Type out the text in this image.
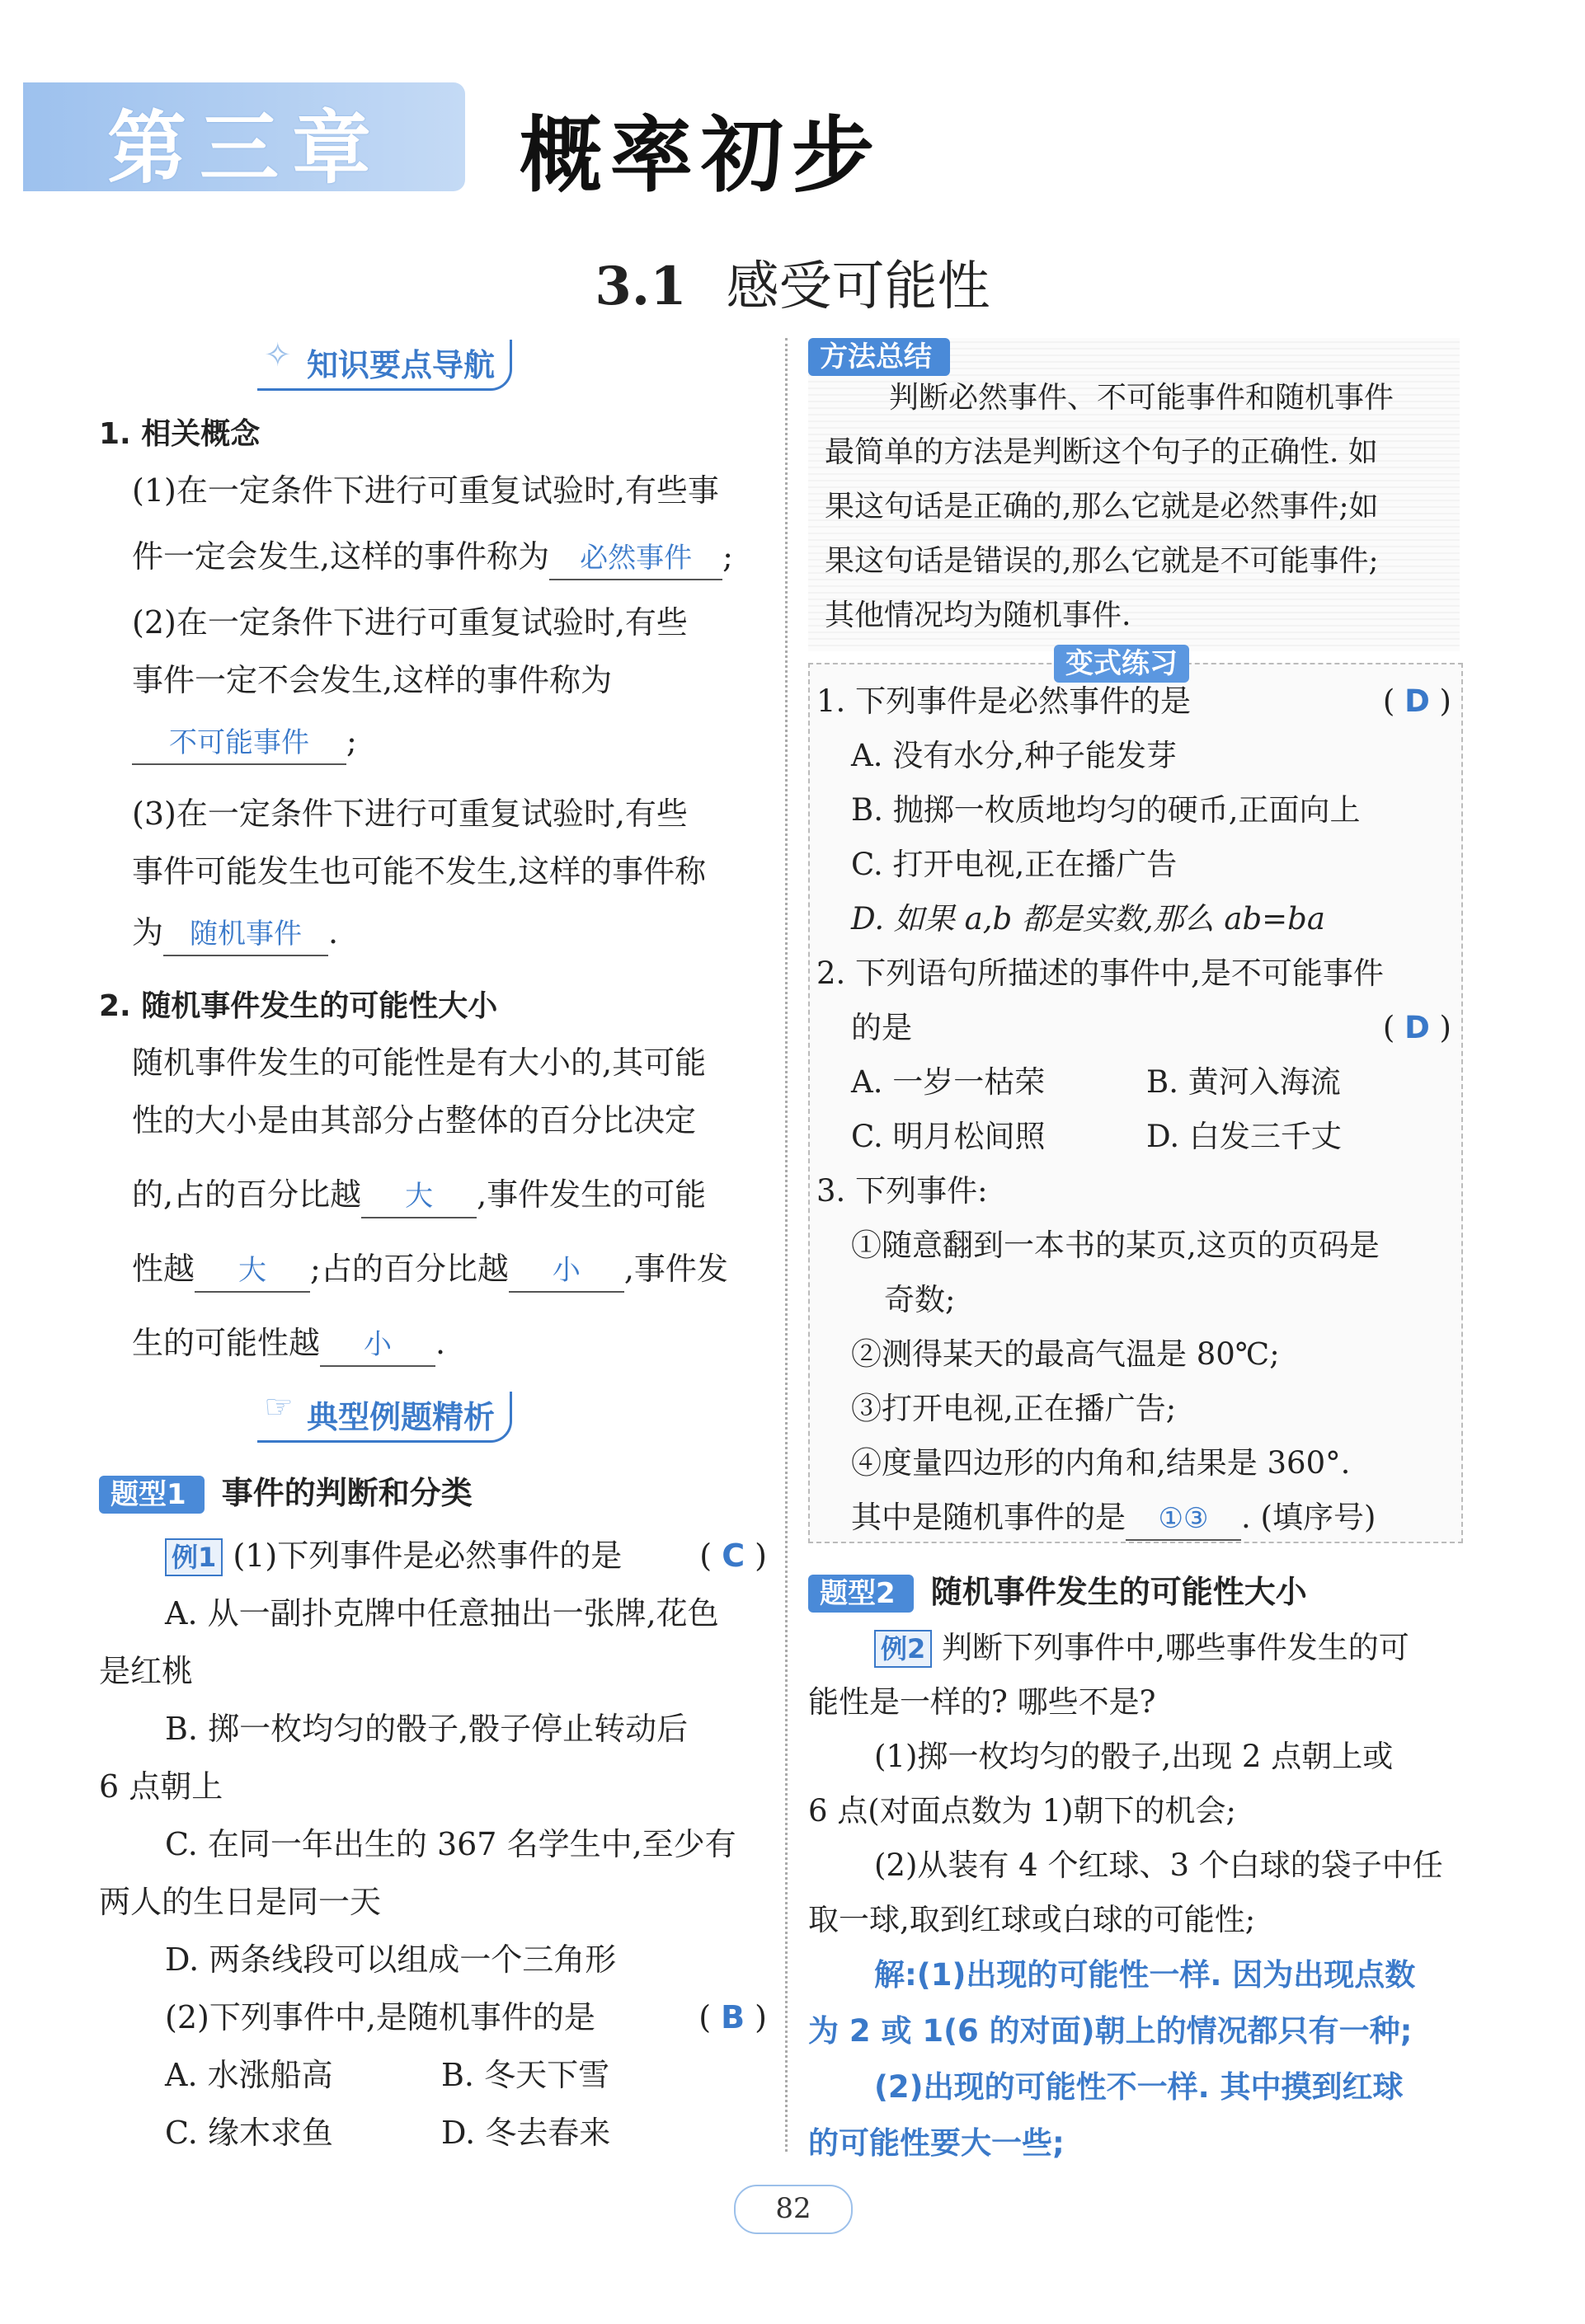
第三章 概率初步
3.1 感受可能性
✧ 知识要点导航
1. 相关概念
(1)在一定条件下进行可重复试验时,有些事
件一定会发生,这样的事件称为 必然事件 ;
(2)在一定条件下进行可重复试验时,有些
事件一定不会发生,这样的事件称为
不可能事件 ;
(3)在一定条件下进行可重复试验时,有些
事件可能发生也可能不发生,这样的事件称
为 随机事件 .
2. 随机事件发生的可能性大小
随机事件发生的可能性是有大小的,其可能
性的大小是由其部分占整体的百分比决定
的,占的百分比越 大 ,事件发生的可能
性越 大 ;占的百分比越 小 ,事件发
生的可能性越 小 .
☞ 典型例题精析
题型1 事件的判断和分类
例1 (1)下列事件是必然事件的是 ( C )
A. 从一副扑克牌中任意抽出一张牌,花色
是红桃
B. 掷一枚均匀的骰子,骰子停止转动后
6 点朝上
C. 在同一年出生的 367 名学生中,至少有
两人的生日是同一天
D. 两条线段可以组成一个三角形
(2)下列事件中,是随机事件的是	( B )
A. 水涨船高	B. 冬天下雪
C. 缘木求鱼	D. 冬去春来
方法总结
判断必然事件、不可能事件和随机事件
最简单的方法是判断这个句子的正确性. 如
果这句话是正确的,那么它就是必然事件;如
果这句话是错误的,那么它就是不可能事件;
其他情况均为随机事件.
变式练习
1. 下列事件是必然事件的是	( D )
A. 没有水分,种子能发芽
B. 抛掷一枚质地均匀的硬币,正面向上
C. 打开电视,正在播广告
D. 如果 a,b 都是实数,那么 ab=ba
2. 下列语句所描述的事件中,是不可能事件
的是	( D )
A. 一岁一枯荣	B. 黄河入海流
C. 明月松间照	D. 白发三千丈
3. 下列事件:
①随意翻到一本书的某页,这页的页码是
奇数;
②测得某天的最高气温是 80℃;
③打开电视,正在播广告;
④度量四边形的内角和,结果是 360°.
其中是随机事件的是 ①③ . (填序号)
题型2 随机事件发生的可能性大小
例2 判断下列事件中,哪些事件发生的可
能性是一样的? 哪些不是?
(1)掷一枚均匀的骰子,出现 2 点朝上或
6 点(对面点数为 1)朝下的机会;
(2)从装有 4 个红球、3 个白球的袋子中任
取一球,取到红球或白球的可能性;
解:(1)出现的可能性一样. 因为出现点数
为 2 或 1(6 的对面)朝上的情况都只有一种;
(2)出现的可能性不一样. 其中摸到红球
的可能性要大一些;
82
